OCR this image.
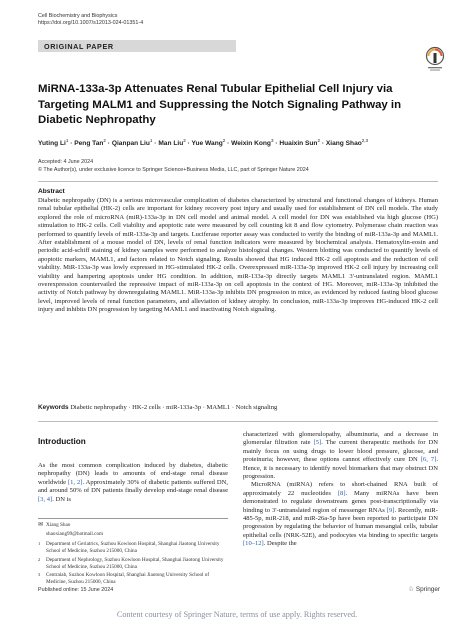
Cell Biochemistry and Biophysics
https://doi.org/10.1007/s12013-024-01351-4
ORIGINAL PAPER
MiRNA-133a-3p Attenuates Renal Tubular Epithelial Cell Injury via Targeting MALM1 and Suppressing the Notch Signaling Pathway in Diabetic Nephropathy
Yuting $Li^1$ · Peng Tan$^2$ · Qianpan Liu$^1$ · Man Liu$^2$ · Yue Wang$^2$ · Weixin Kong$^3$ · Huaixin Sun$^2$ · Xiang Shao$^{2,3}$
Accepted: 4 June 2024
© The Author(s), under exclusive licence to Springer Science+Business Media, LLC, part of Springer Nature 2024
Abstract
Diabetic nephropathy (DN) is a serious microvascular complication of diabetes characterized by structural and functional changes of kidneys. Human renal tubular epithelial (HK-2) cells are important for kidney recovery post injury and usually used for establishment of DN cell models. The study explored the role of microRNA (miR)-133a-3p in DN cell model and animal model. A cell model for DN was established via high glucose (HG) stimulation to HK-2 cells. Cell viability and apoptotic rate were measured by cell counting kit 8 and flow cytometry. Polymerase chain reaction was performed to quantify levels of miR-133a-3p and targets. Luciferase reporter assay was conducted to verify the binding of miR-133a-3p and MAML1. After establishment of a mouse model of DN, levels of renal function indicators were measured by biochemical analysis. Hematoxylin-eosin and periodic acid-schiff staining of kidney samples were performed to analyze histological changes. Western blotting was conducted to quantify levels of apoptotic markers, MAML1, and factors related to Notch signaling. Results showed that HG induced HK-2 cell apoptosis and the reduction of cell viability. MiR-133a-3p was lowly expressed in HG-stimulated HK-2 cells. Overexpressed miR-133a-3p improved HK-2 cell injury by increasing cell viability and hampering apoptosis under HG condition. In addition, miR-133a-3p directly targets MAML1 3'-untranslated region. MAML1 overexpression countervailed the repressive impact of miR-133a-3p on cell apoptosis in the context of HG. Moreover, miR-133a-3p inhibited the activity of Notch pathway by downregulating MAML1. MiR-133a-3p inhibits DN progression in mice, as evidenced by reduced fasting blood glucose level, improved levels of renal function parameters, and alleviation of kidney atrophy. In conclusion, miR-133a-3p improves HG-induced HK-2 cell injury and inhibits DN progression by targeting MAML1 and inactivating Notch signaling.
Keywords Diabetic nephropathy · HK-2 cells · miR-133a-3p · MAML1 · Notch signaling
Introduction

As the most common complication induced by diabetes, diabetic nephropathy (DN) leads to amounts of end-stage renal disease worldwide [1, 2]. Approximately 30% of diabetic patients suffered DN, and around 50% of DN patients finally develop end-stage renal disease [3, 4]. DN is

characterized with glomerulopathy, albuminuria, and a decrease in glomerular filtration rate [5]. The current therapeutic methods for DN mainly focus on using drugs to lower blood pressure, glucose, and proteinuria; however, these options cannot effectively cure DN [6, 7]. Hence, it is necessary to identify novel biomarkers that may obstruct DN progression.

MicroRNA (miRNA) refers to short-chained RNA built of approximately 22 nucleotides [8]. Many miRNAs have been demonstrated to regulate downstream genes post-transcriptionally via binding to 3'-untranslated region of messenger RNAs [9]. Recently, miR-485-5p, miR-218, and miR-26a-5p have been reported to participate DN progression by regulating the behavior of human mesangial cells, tubular epithelial cells (NRK-52E), and podocytes via binding to specific targets [10–12]. Despite the

✉ Xiang Shao
shaoxiang99@hotmail.com
1	Department of Geriatrics, Suzhou Kowloon Hospital, Shanghai Jiaotong University School of Medicine, Suzhou 215000, China
2	Department of Nephrology, Suzhou Kowloon Hospital, Shanghai Jiaotong University School of Medicine, Suzhou 215000, China
3	Centralab, Suzhou Kowloon Hospital, Shanghai Jiaotong University School of Medicine, Suzhou 215000, China
Published online: 15 June 2024	♘ Springer
Content courtesy of Springer Nature, terms of use apply. Rights reserved.
